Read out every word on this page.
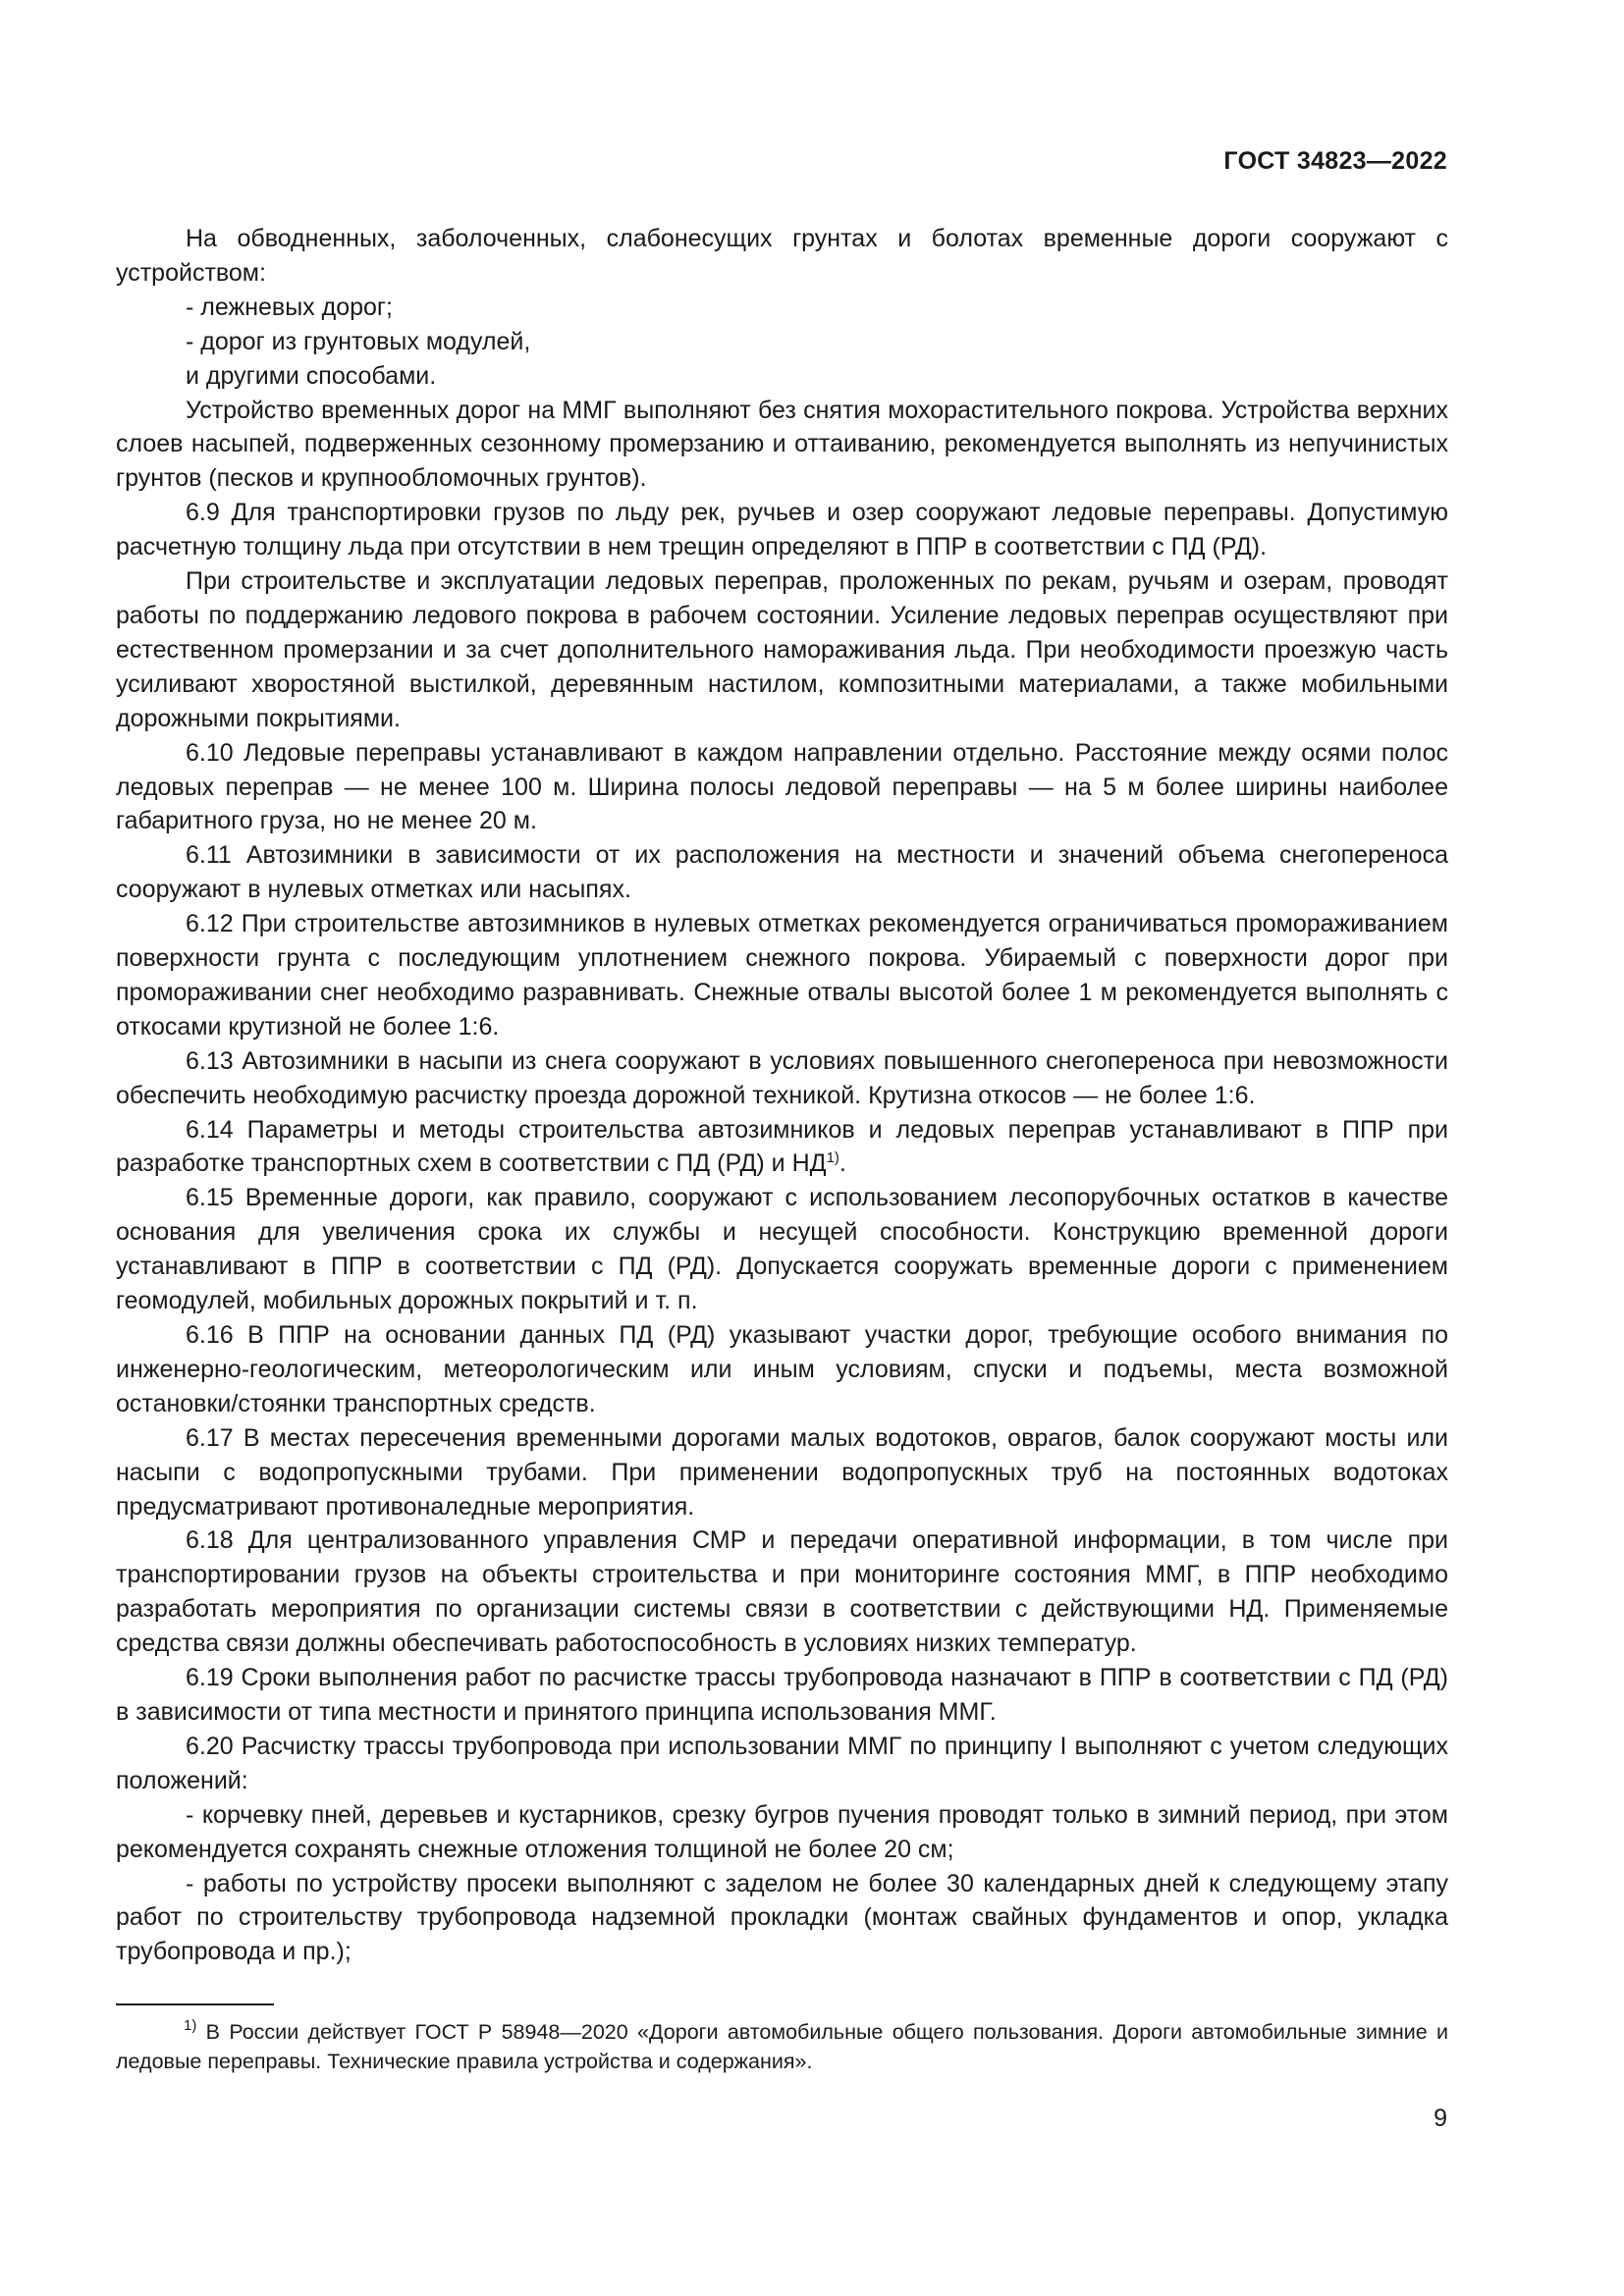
ГОСТ 34823—2022

На обводненных, заболоченных, слабонесущих грунтах и болотах временные дороги сооружают с устройством:

- лежневых дорог;

- дорог из грунтовых модулей,

и другими способами.

Устройство временных дорог на ММГ выполняют без снятия мохорастительного покрова. Устройства верхних слоев насыпей, подверженных сезонному промерзанию и оттаиванию, рекомендуется выполнять из непучинистых грунтов (песков и крупнообломочных грунтов).

6.9 Для транспортировки грузов по льду рек, ручьев и озер сооружают ледовые переправы. Допустимую расчетную толщину льда при отсутствии в нем трещин определяют в ППР в соответствии с ПД (РД).

При строительстве и эксплуатации ледовых переправ, проложенных по рекам, ручьям и озерам, проводят работы по поддержанию ледового покрова в рабочем состоянии. Усиление ледовых переправ осуществляют при естественном промерзании и за счет дополнительного намораживания льда. При необходимости проезжую часть усиливают хворостяной выстилкой, деревянным настилом, композитными материалами, а также мобильными дорожными покрытиями.

6.10 Ледовые переправы устанавливают в каждом направлении отдельно. Расстояние между осями полос ледовых переправ — не менее 100 м. Ширина полосы ледовой переправы — на 5 м более ширины наиболее габаритного груза, но не менее 20 м.

6.11 Автозимники в зависимости от их расположения на местности и значений объема снегопереноса сооружают в нулевых отметках или насыпях.

6.12 При строительстве автозимников в нулевых отметках рекомендуется ограничиваться промораживанием поверхности грунта с последующим уплотнением снежного покрова. Убираемый с поверхности дорог при промораживании снег необходимо разравнивать. Снежные отвалы высотой более 1 м рекомендуется выполнять с откосами крутизной не более 1:6.

6.13 Автозимники в насыпи из снега сооружают в условиях повышенного снегопереноса при невозможности обеспечить необходимую расчистку проезда дорожной техникой. Крутизна откосов — не более 1:6.

6.14 Параметры и методы строительства автозимников и ледовых переправ устанавливают в ППР при разработке транспортных схем в соответствии с ПД (РД) и НД$^{1)}$.

6.15 Временные дороги, как правило, сооружают с использованием лесопорубочных остатков в качестве основания для увеличения срока их службы и несущей способности. Конструкцию временной дороги устанавливают в ППР в соответствии с ПД (РД). Допускается сооружать временные дороги с применением геомодулей, мобильных дорожных покрытий и т. п.

6.16 В ППР на основании данных ПД (РД) указывают участки дорог, требующие особого внимания по инженерно-геологическим, метеорологическим или иным условиям, спуски и подъемы, места возможной остановки/стоянки транспортных средств.

6.17 В местах пересечения временными дорогами малых водотоков, оврагов, балок сооружают мосты или насыпи с водопропускными трубами. При применении водопропускных труб на постоянных водотоках предусматривают противоналедные мероприятия.

6.18 Для централизованного управления СМР и передачи оперативной информации, в том числе при транспортировании грузов на объекты строительства и при мониторинге состояния ММГ, в ППР необходимо разработать мероприятия по организации системы связи в соответствии с действующими НД. Применяемые средства связи должны обеспечивать работоспособность в условиях низких температур.

6.19 Сроки выполнения работ по расчистке трассы трубопровода назначают в ППР в соответствии с ПД (РД) в зависимости от типа местности и принятого принципа использования ММГ.

6.20 Расчистку трассы трубопровода при использовании ММГ по принципу I выполняют с учетом следующих положений:

- корчевку пней, деревьев и кустарников, срезку бугров пучения проводят только в зимний период, при этом рекомендуется сохранять снежные отложения толщиной не более 20 см;

- работы по устройству просеки выполняют с заделом не более 30 календарных дней к следующему этапу работ по строительству трубопровода надземной прокладки (монтаж свайных фундаментов и опор, укладка трубопровода и пр.);

$^{1)}$ В России действует ГОСТ Р 58948—2020 «Дороги автомобильные общего пользования. Дороги автомобильные зимние и ледовые переправы. Технические правила устройства и содержания».

9
